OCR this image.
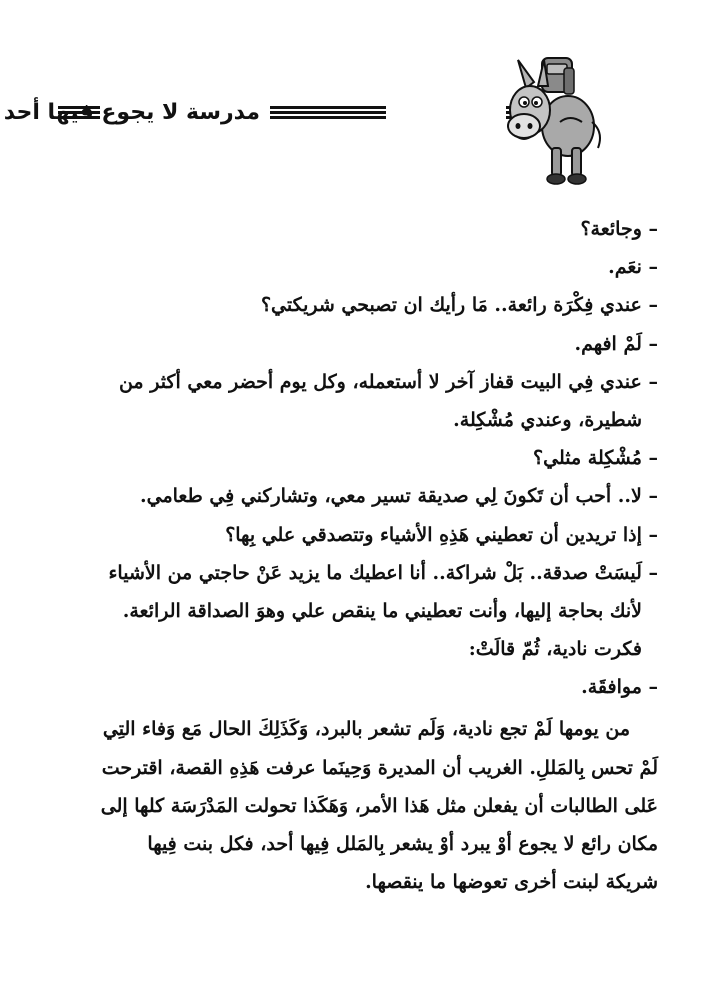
مدرسة لا يجوع فيها أحد
– وجائعة؟
– نعَم.
– عندي فِكْرَة رائعة.. مَا رأيك ان تصبحي شريكتي؟
– لَمْ افهم.
– عندي فِي البيت قفاز آخر لا أستعمله، وكل يوم أحضر معي أكثر من
شطيرة، وعندي مُشْكِلة.
– مُشْكِلة مثلي؟
– لا.. أحب أن تَكونَ لِي صديقة تسير معي، وتشاركني فِي طعامي.
– إذا تريدين أن تعطيني هَذِهِ الأشياء وتتصدقي علي بِها؟
– لَيسَتْ صدقة.. بَلْ شراكة.. أنا اعطيك ما يزيد عَنْ حاجتي من الأشياء
لأنك بحاجة إليها، وأنت تعطيني ما ينقص علي وهوَ الصداقة الرائعة.
فكرت نادية، ثُمّ قالَتْ:
– موافقَة.
من يومها لَمْ تجع نادية، وَلَم تشعر بالبرد، وَكَذَلِكَ الحال مَع وَفاء التِي
لَمْ تحس بِالمَللِ. الغريب أن المديرة وَحِينَما عرفت هَذِهِ القصة، اقترحت
عَلى الطالبات أن يفعلن مثل هَذا الأمر، وَهَكَذا تحولت المَدْرَسَة كلها إلى
مكان رائع لا يجوع أوْ يبرد أوْ يشعر بِالمَلل فِيها أحد، فكل بنت فِيها
شريكة لبنت أخرى تعوضها ما ينقصها.
